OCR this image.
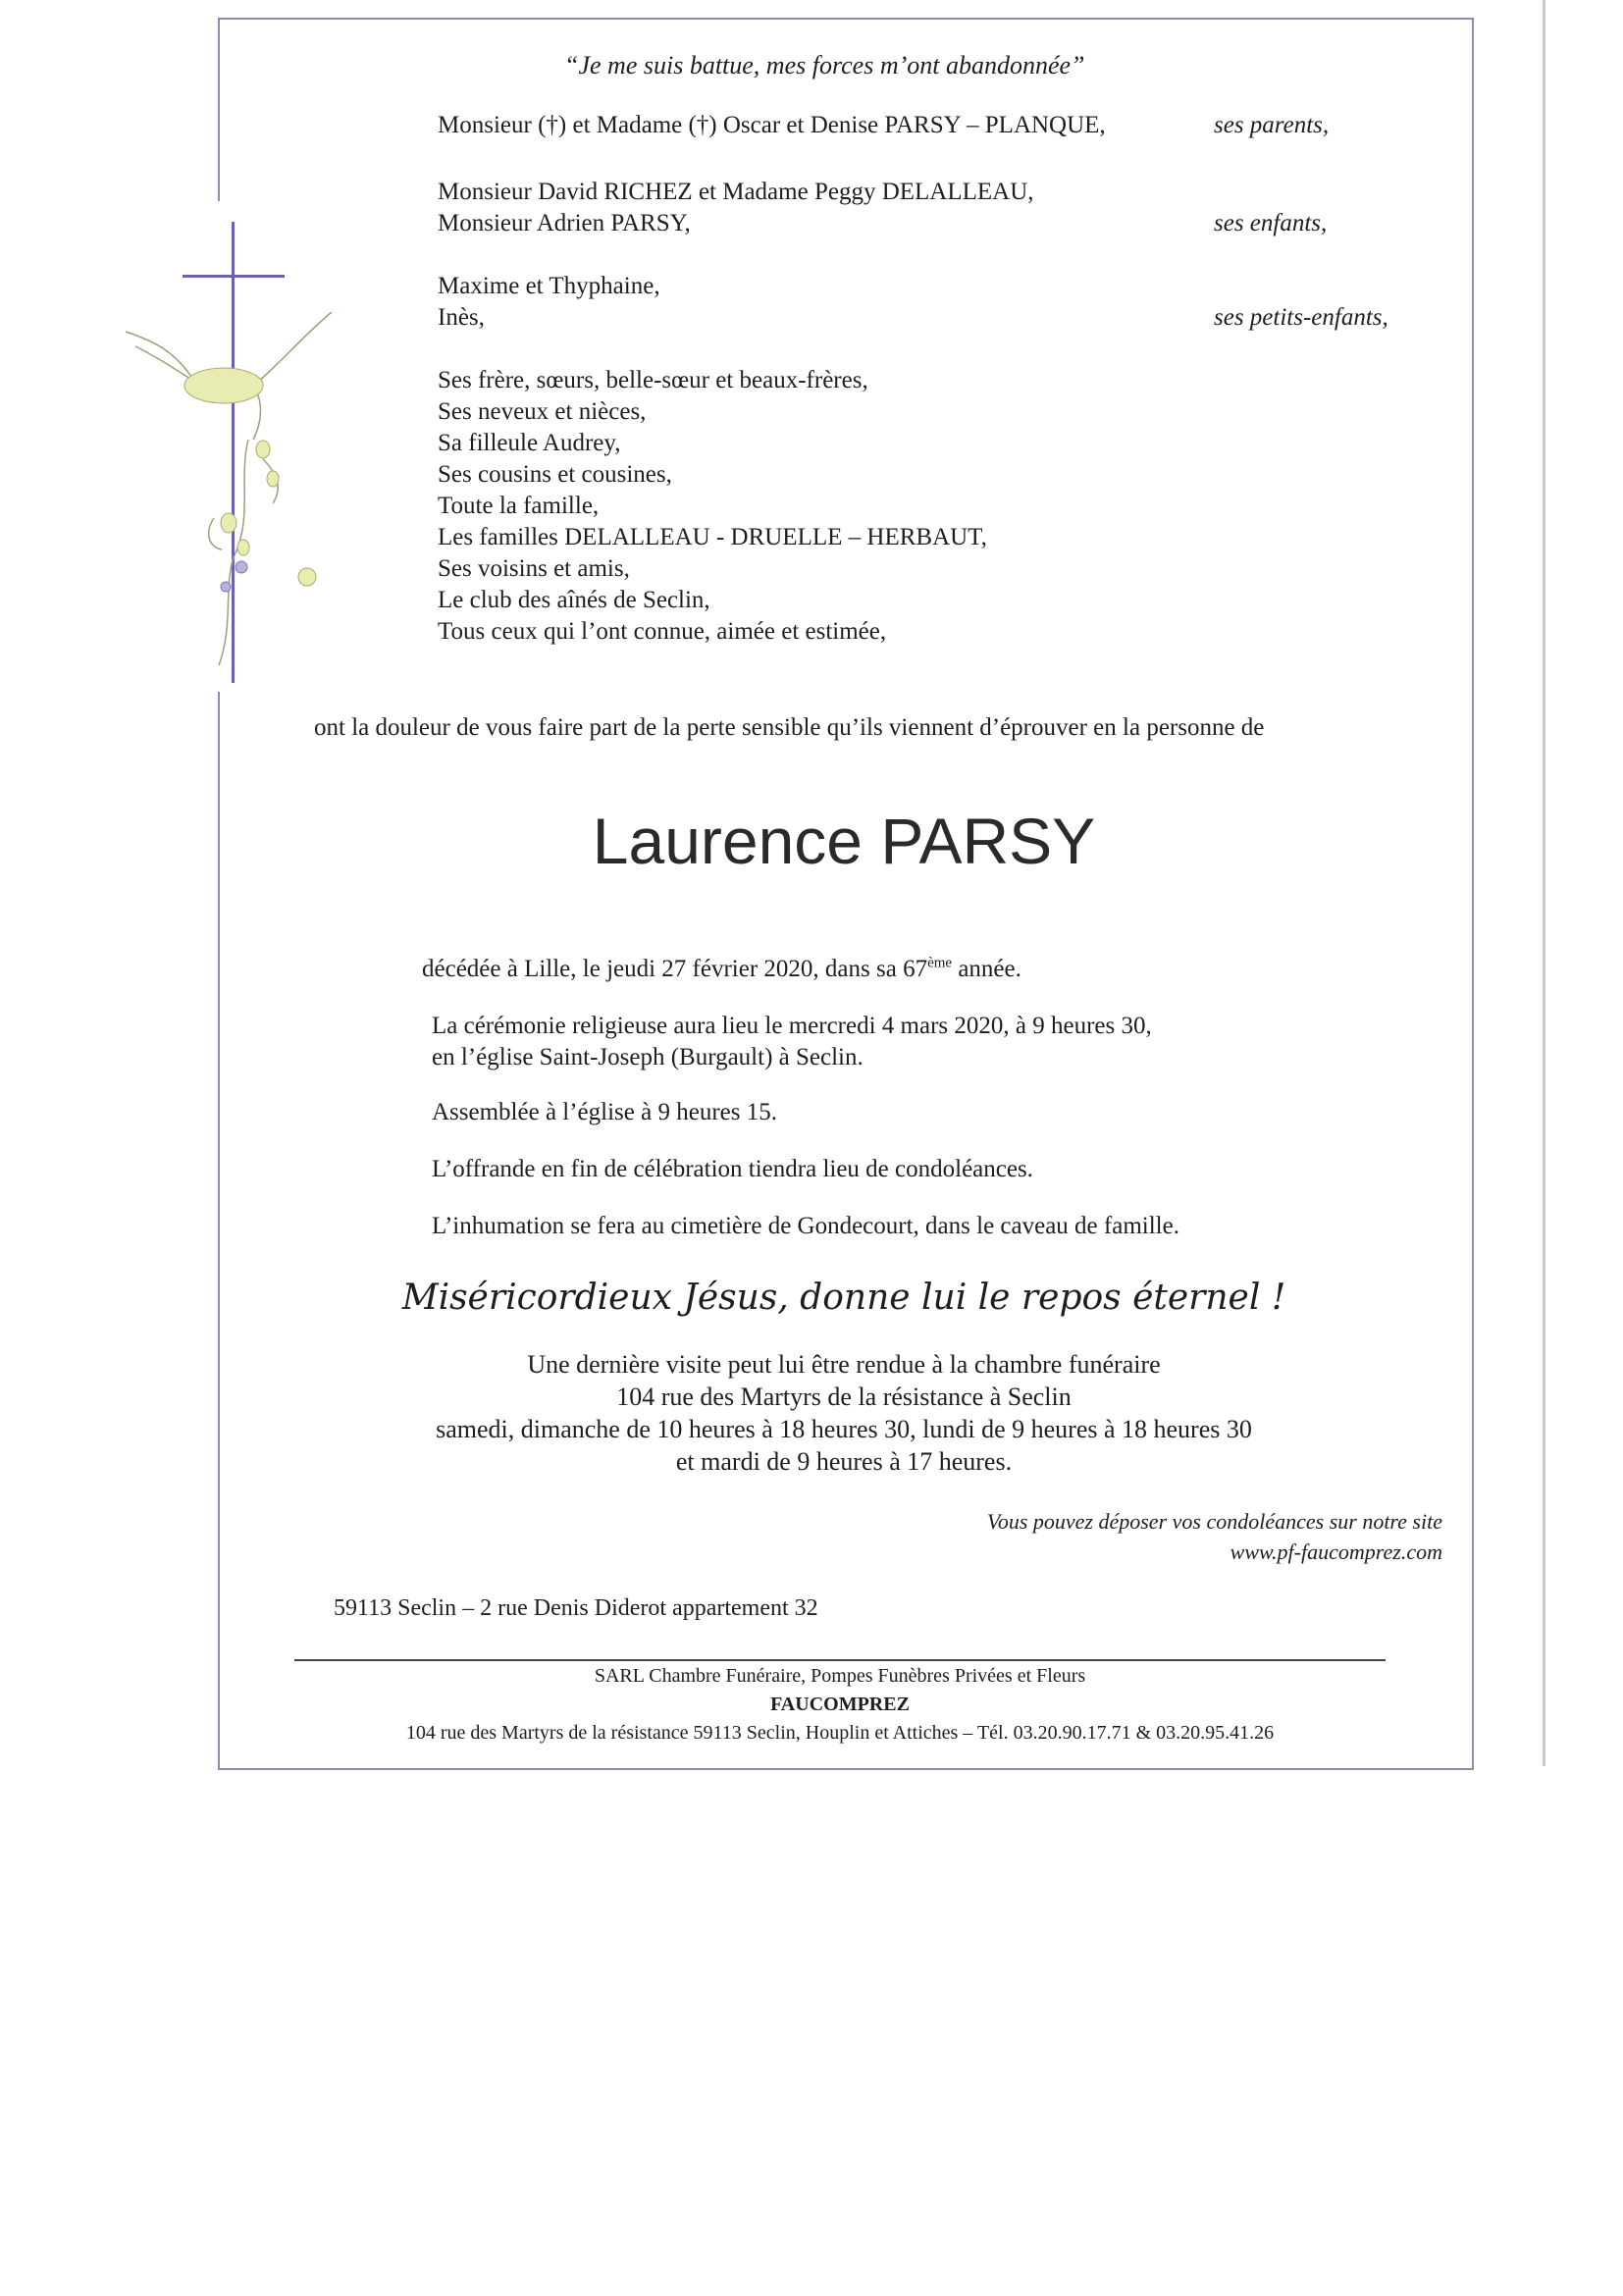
“Je me suis battue, mes forces m’ont abandonnée”
Monsieur (†) et Madame (†) Oscar et Denise PARSY – PLANQUE,	ses parents,
Monsieur David RICHEZ et Madame Peggy DELALLEAU,
Monsieur Adrien PARSY,	ses enfants,
Maxime et Thyphaine,
Inès,	ses petits-enfants,
Ses frère, sœurs, belle-sœur et beaux-frères,
Ses neveux et nièces,
Sa filleule Audrey,
Ses cousins et cousines,
Toute la famille,
Les familles DELALLEAU - DRUELLE – HERBAUT,
Ses voisins et amis,
Le club des aînés de Seclin,
Tous ceux qui l’ont connue, aimée et estimée,
ont la douleur de vous faire part de la perte sensible qu’ils viennent d’éprouver en la personne de
Laurence PARSY
décédée à Lille, le jeudi 27 février 2020, dans sa 67ème année.
La cérémonie religieuse aura lieu le mercredi 4 mars 2020, à 9 heures 30,
en l’église Saint-Joseph (Burgault) à Seclin.
Assemblée à l’église à 9 heures 15.
L’offrande en fin de célébration tiendra lieu de condoléances.
L’inhumation se fera au cimetière de Gondecourt, dans le caveau de famille.
Miséricordieux Jésus, donne lui le repos éternel !
Une dernière visite peut lui être rendue à la chambre funéraire
104 rue des Martyrs de la résistance à Seclin
samedi, dimanche de 10 heures à 18 heures 30, lundi de 9 heures à 18 heures 30
et mardi de 9 heures à 17 heures.
Vous pouvez déposer vos condoléances sur notre site
www.pf-faucomprez.com
59113 Seclin – 2 rue Denis Diderot appartement 32
SARL Chambre Funéraire, Pompes Funèbres Privées et Fleurs
FAUCOMPREZ
104 rue des Martyrs de la résistance 59113 Seclin, Houplin et Attiches – Tél. 03.20.90.17.71 & 03.20.95.41.26
